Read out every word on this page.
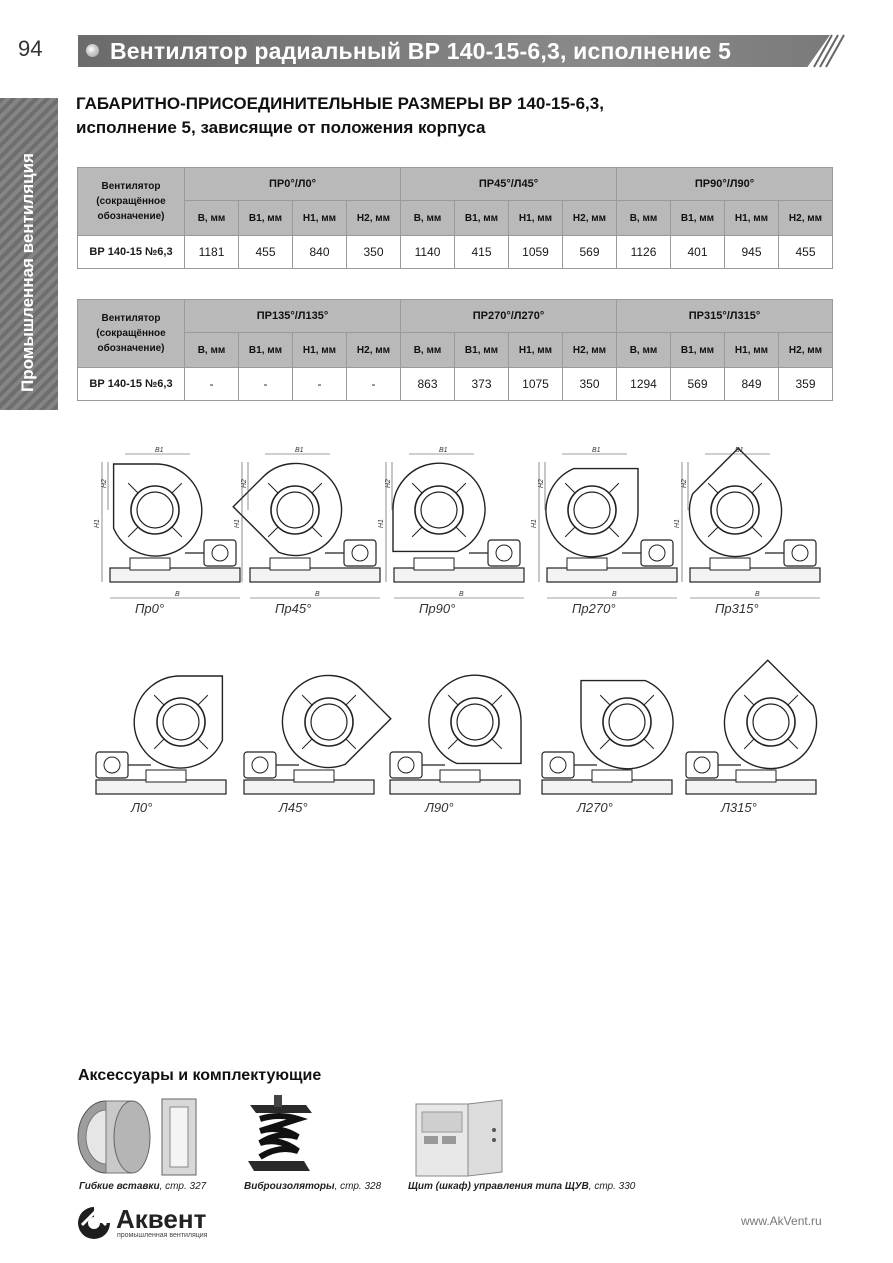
94	Вентилятор радиальный ВР 140-15-6,3, исполнение 5
Промышленная вентиляция
ГАБАРИТНО-ПРИСОЕДИНИТЕЛЬНЫЕ РАЗМЕРЫ ВР 140-15-6,3,
исполнение 5, зависящие от положения корпуса
Вентилятор
(сокращённое
обозначение)	ПР0°/Л0°				ПР45°/Л45°				ПР90°/Л90°			
	В, мм	В1, мм	Н1, мм	Н2, мм	В, мм	В1, мм	Н1, мм	Н2, мм	В, мм	В1, мм	Н1, мм	Н2, мм
ВР 140-15 №6,3	1181	455	840	350	1140	415	1059	569	1126	401	945	455
Вентилятор
(сокращённое
обозначение)	ПР135°/Л135°				ПР270°/Л270°				ПР315°/Л315°			
	В, мм	В1, мм	Н1, мм	Н2, мм	В, мм	В1, мм	Н1, мм	Н2, мм	В, мм	В1, мм	Н1, мм	Н2, мм
ВР 140-15 №6,3	-	-	-	-	863	373	1075	350	1294	569	849	359
B
B1
H1
H2
Пр0°
B
B1
H1
H2
Пр45°
B
B1
H1
H2
Пр90°
B
B1
H1
H2
Пр270°
B
B1
H1
H2
Пр315°
Л0°	Л45°	Л90°	Л270°	Л315°
Аксессуары и комплектующие
Гибкие вставки, стр. 327	Виброизоляторы, стр. 328	Щит (шкаф) управления типа ЩУВ, стр. 330
Аквент
промышленная вентиляция
www.AkVent.ru
